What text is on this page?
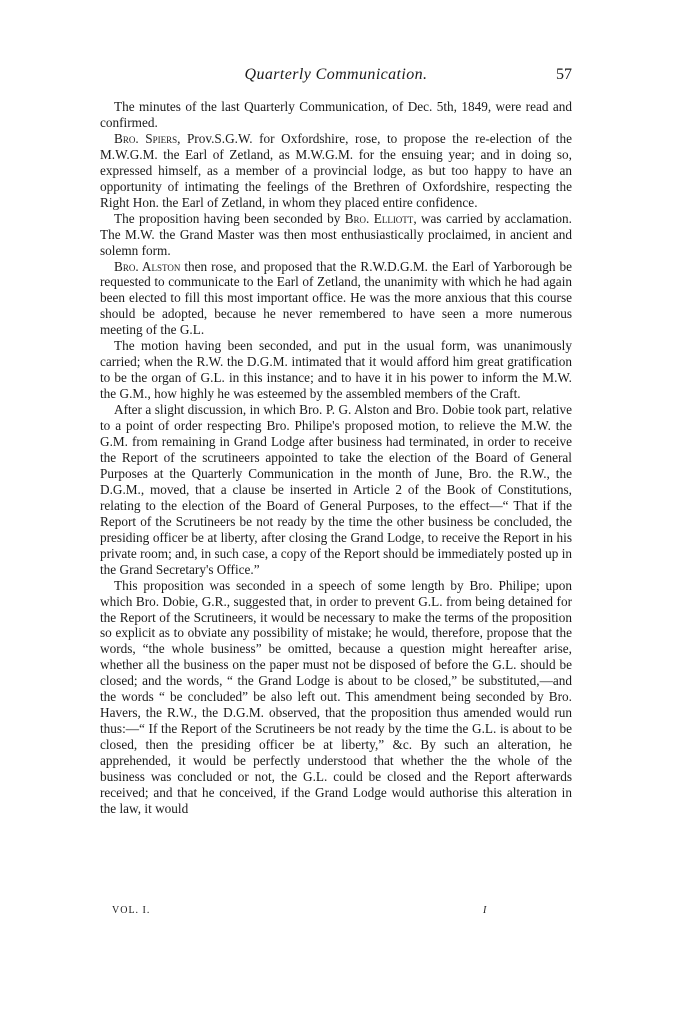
Quarterly Communication.	57

The minutes of the last Quarterly Communication, of Dec. 5th, 1849, were read and confirmed.

Bro. Spiers, Prov.S.G.W. for Oxfordshire, rose, to propose the re-election of the M.W.G.M. the Earl of Zetland, as M.W.G.M. for the ensuing year; and in doing so, expressed himself, as a member of a provincial lodge, as but too happy to have an opportunity of intimating the feelings of the Brethren of Oxfordshire, respecting the Right Hon. the Earl of Zetland, in whom they placed entire confidence.

The proposition having been seconded by Bro. Elliott, was carried by acclamation. The M.W. the Grand Master was then most enthusiastically proclaimed, in ancient and solemn form.

Bro. Alston then rose, and proposed that the R.W.D.G.M. the Earl of Yarborough be requested to communicate to the Earl of Zetland, the unanimity with which he had again been elected to fill this most important office. He was the more anxious that this course should be adopted, because he never remembered to have seen a more numerous meeting of the G.L.

The motion having been seconded, and put in the usual form, was unanimously carried; when the R.W. the D.G.M. intimated that it would afford him great gratification to be the organ of G.L. in this instance; and to have it in his power to inform the M.W. the G.M., how highly he was esteemed by the assembled members of the Craft.

After a slight discussion, in which Bro. P. G. Alston and Bro. Dobie took part, relative to a point of order respecting Bro. Philipe's proposed motion, to relieve the M.W. the G.M. from remaining in Grand Lodge after business had terminated, in order to receive the Report of the scrutineers appointed to take the election of the Board of General Purposes at the Quarterly Communication in the month of June, Bro. the R.W., the D.G.M., moved, that a clause be inserted in Article 2 of the Book of Constitutions, relating to the election of the Board of General Purposes, to the effect—“ That if the Report of the Scrutineers be not ready by the time the other business be concluded, the presiding officer be at liberty, after closing the Grand Lodge, to receive the Report in his private room; and, in such case, a copy of the Report should be immediately posted up in the Grand Secretary's Office.”

This proposition was seconded in a speech of some length by Bro. Philipe; upon which Bro. Dobie, G.R., suggested that, in order to prevent G.L. from being detained for the Report of the Scrutineers, it would be necessary to make the terms of the proposition so explicit as to obviate any possibility of mistake; he would, therefore, propose that the words, “the whole business” be omitted, because a question might hereafter arise, whether all the business on the paper must not be disposed of before the G.L. should be closed; and the words, “ the Grand Lodge is about to be closed,” be substituted,—and the words “ be concluded” be also left out. This amendment being seconded by Bro. Havers, the R.W., the D.G.M. observed, that the proposition thus amended would run thus:—“ If the Report of the Scrutineers be not ready by the time the G.L. is about to be closed, then the presiding officer be at liberty,” &c. By such an alteration, he apprehended, it would be perfectly understood that whether the the whole of the business was concluded or not, the G.L. could be closed and the Report afterwards received; and that he conceived, if the Grand Lodge would authorise this alteration in the law, it would

VOL. I.	I
